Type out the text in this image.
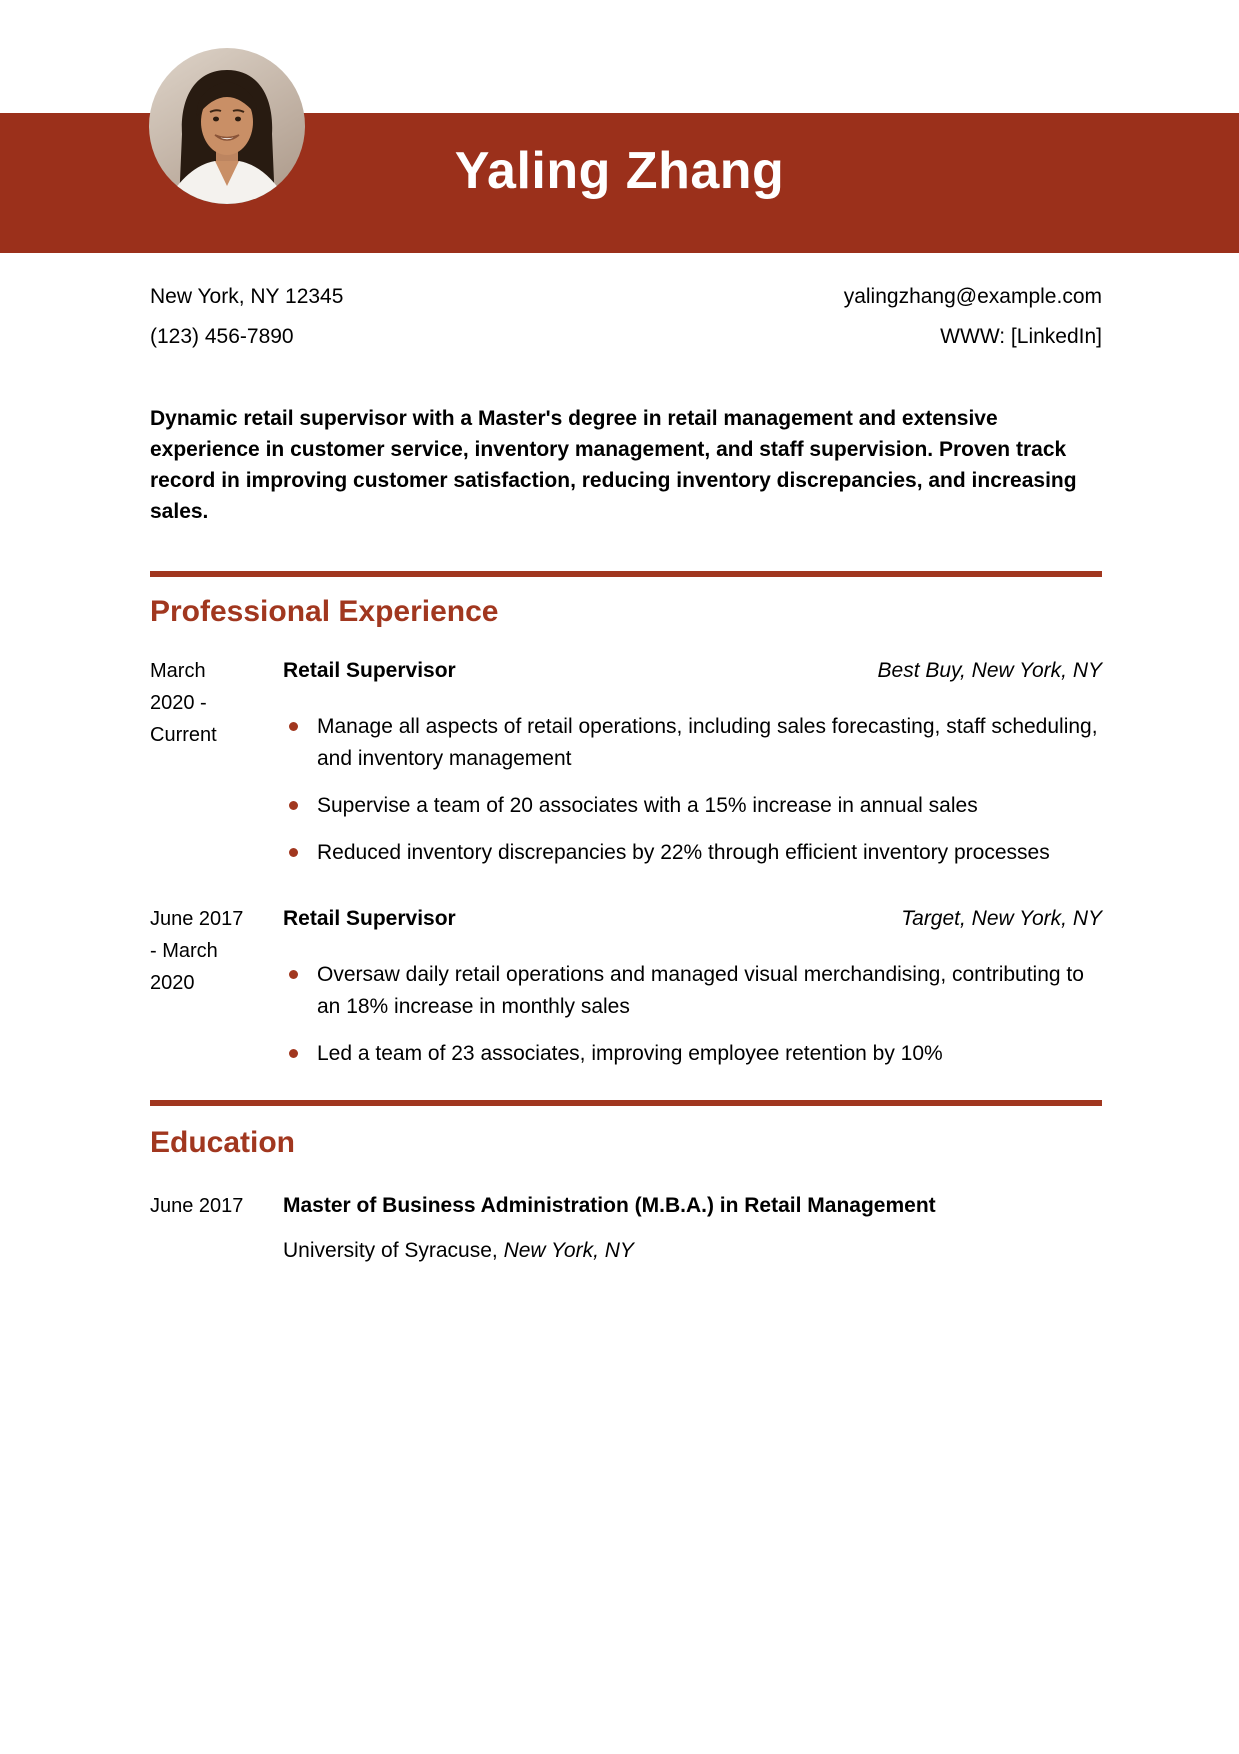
Yaling Zhang
New York, NY 12345
(123) 456-7890
yalingzhang@example.com
WWW: [LinkedIn]

Dynamic retail supervisor with a Master's degree in retail management and extensive experience in customer service, inventory management, and staff supervision. Proven track record in improving customer satisfaction, reducing inventory discrepancies, and increasing sales.

Professional Experience
March 2020 - Current
Retail Supervisor	Best Buy, New York, NY
Manage all aspects of retail operations, including sales forecasting, staff scheduling, and inventory management
Supervise a team of 20 associates with a 15% increase in annual sales
Reduced inventory discrepancies by 22% through efficient inventory processes
June 2017 - March 2020
Retail Supervisor	Target, New York, NY
Oversaw daily retail operations and managed visual merchandising, contributing to an 18% increase in monthly sales
Led a team of 23 associates, improving employee retention by 10%
Education
June 2017	Master of Business Administration (M.B.A.) in Retail Management

University of Syracuse, New York, NY
